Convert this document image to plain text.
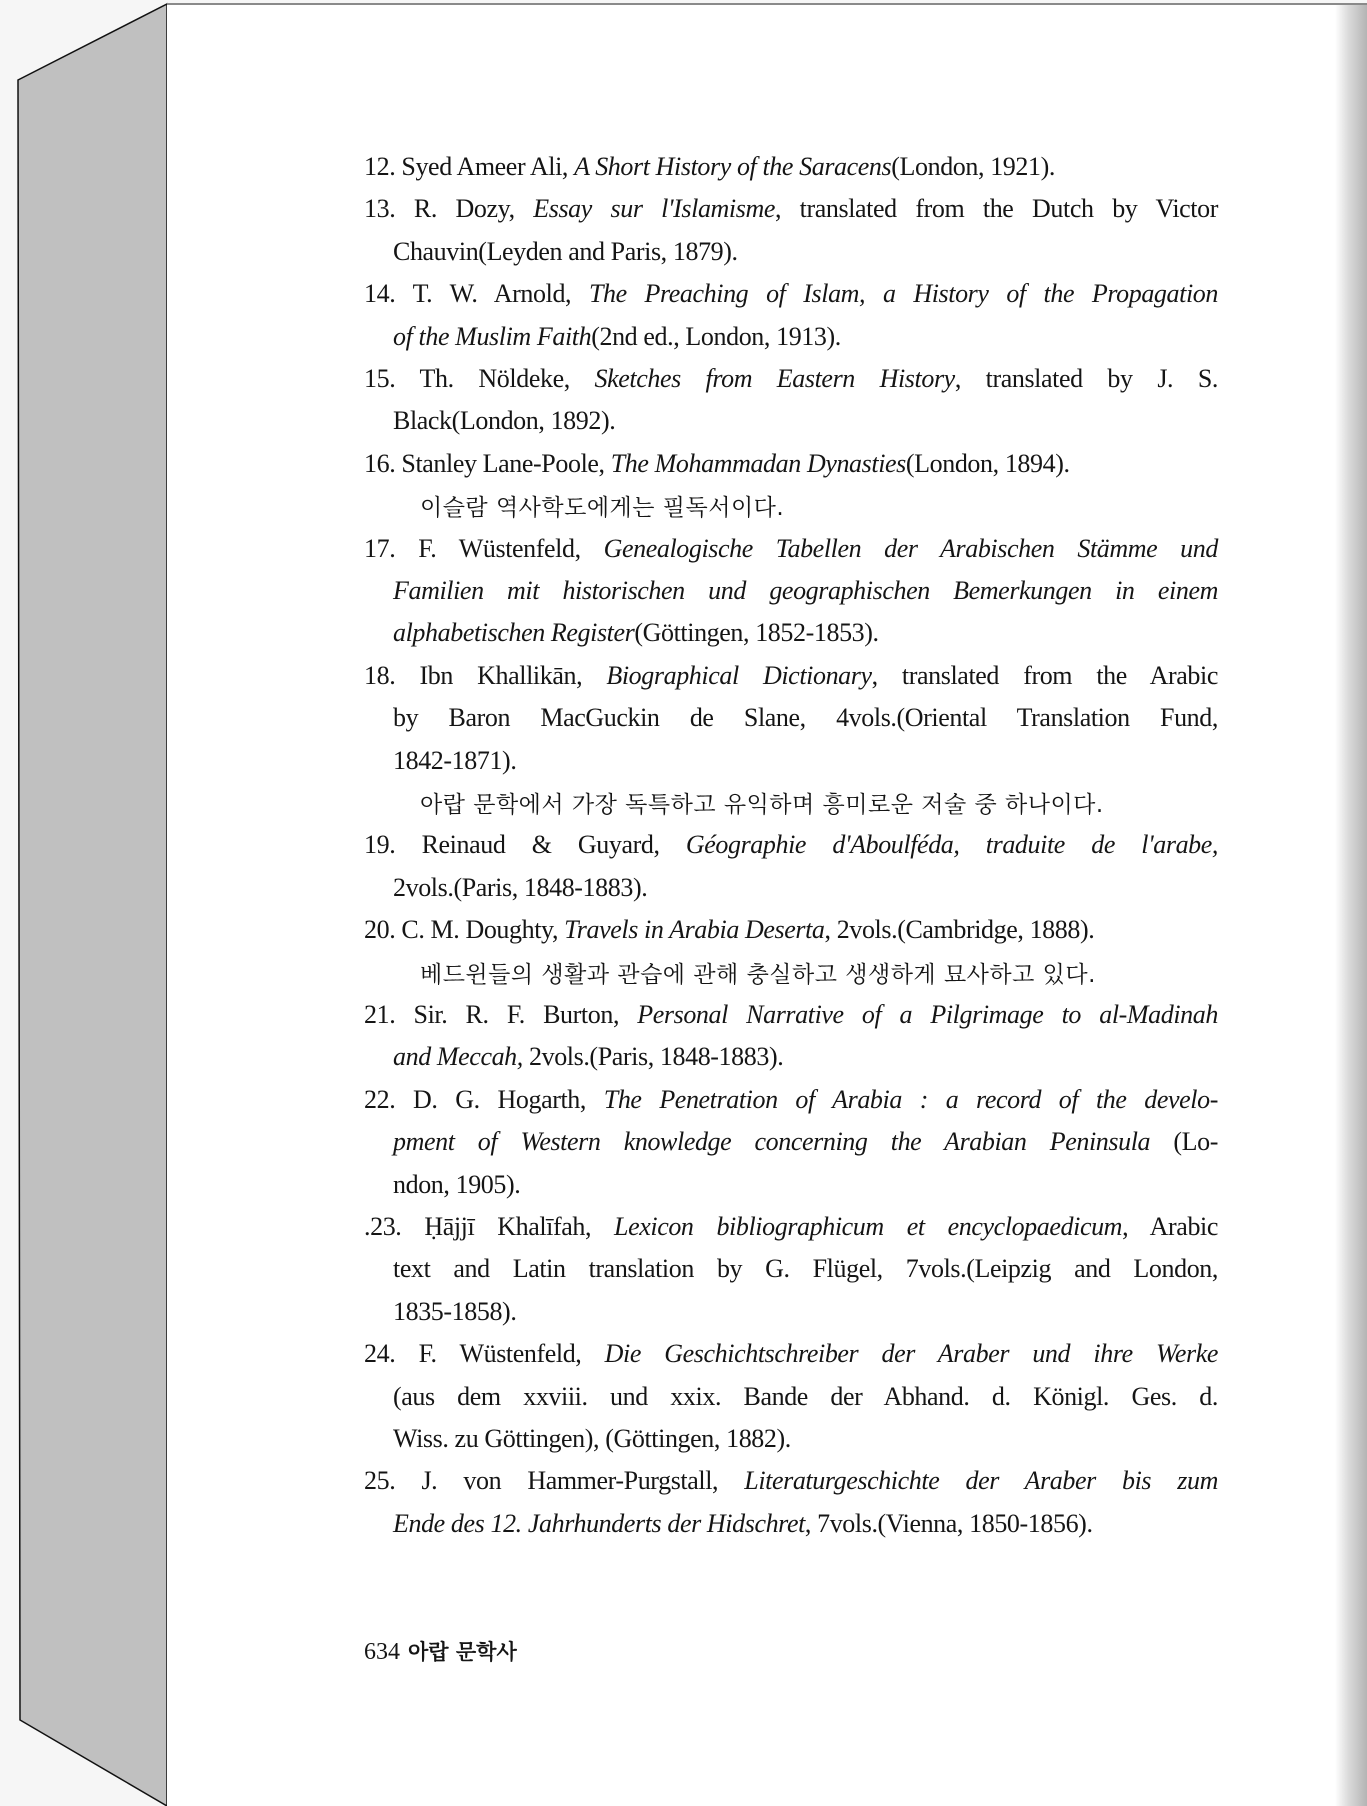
12. Syed Ameer Ali, A Short History of the Saracens(London, 1921).
13. R. Dozy, Essay sur l'Islamisme, translated from the Dutch by Victor
Chauvin(Leyden and Paris, 1879).
14. T. W. Arnold, The Preaching of Islam, a History of the Propagation
of the Muslim Faith(2nd ed., London, 1913).
15. Th. Nöldeke, Sketches from Eastern History, translated by J. S.
Black(London, 1892).
16. Stanley Lane-Poole, The Mohammadan Dynasties(London, 1894).
이슬람 역사학도에게는 필독서이다.
17. F. Wüstenfeld, Genealogische Tabellen der Arabischen Stämme und
Familien mit historischen und geographischen Bemerkungen in einem
alphabetischen Register(Göttingen, 1852-1853).
18. Ibn Khallikān, Biographical Dictionary, translated from the Arabic
by Baron MacGuckin de Slane, 4vols.(Oriental Translation Fund,
1842-1871).
아랍 문학에서 가장 독특하고 유익하며 흥미로운 저술 중 하나이다.
19. Reinaud & Guyard, Géographie d'Aboulféda, traduite de l'arabe,
2vols.(Paris, 1848-1883).
20. C. M. Doughty, Travels in Arabia Deserta, 2vols.(Cambridge, 1888).
베드윈들의 생활과 관습에 관해 충실하고 생생하게 묘사하고 있다.
21. Sir. R. F. Burton, Personal Narrative of a Pilgrimage to al-Madinah
and Meccah, 2vols.(Paris, 1848-1883).
22. D. G. Hogarth, The Penetration of Arabia : a record of the develo-
pment of Western knowledge concerning the Arabian Peninsula (Lo-
ndon, 1905).
.23. Ḥājjī Khalīfah, Lexicon bibliographicum et encyclopaedicum, Arabic
text and Latin translation by G. Flügel, 7vols.(Leipzig and London,
1835-1858).
24. F. Wüstenfeld, Die Geschichtschreiber der Araber und ihre Werke
(aus dem xxviii. und xxix. Bande der Abhand. d. Königl. Ges. d.
Wiss. zu Göttingen), (Göttingen, 1882).
25. J. von Hammer-Purgstall, Literaturgeschichte der Araber bis zum
Ende des 12. Jahrhunderts der Hidschret, 7vols.(Vienna, 1850-1856).
634 아랍 문학사
